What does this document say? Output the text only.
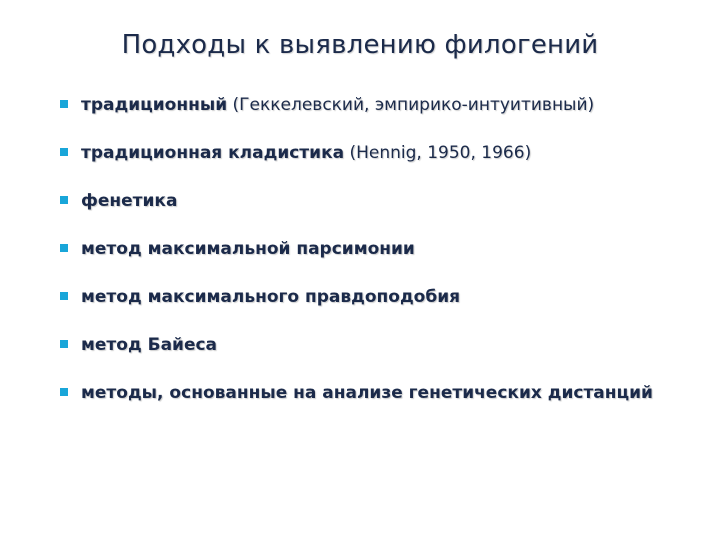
Подходы к выявлению филогений
традиционный (Геккелевский, эмпирико-интуитивный)
традиционная кладистика (Hennig, 1950, 1966)
фенетика
метод максимальной парсимонии
метод максимального правдоподобия
метод Байеса
методы, основанные на анализе генетических дистанций
